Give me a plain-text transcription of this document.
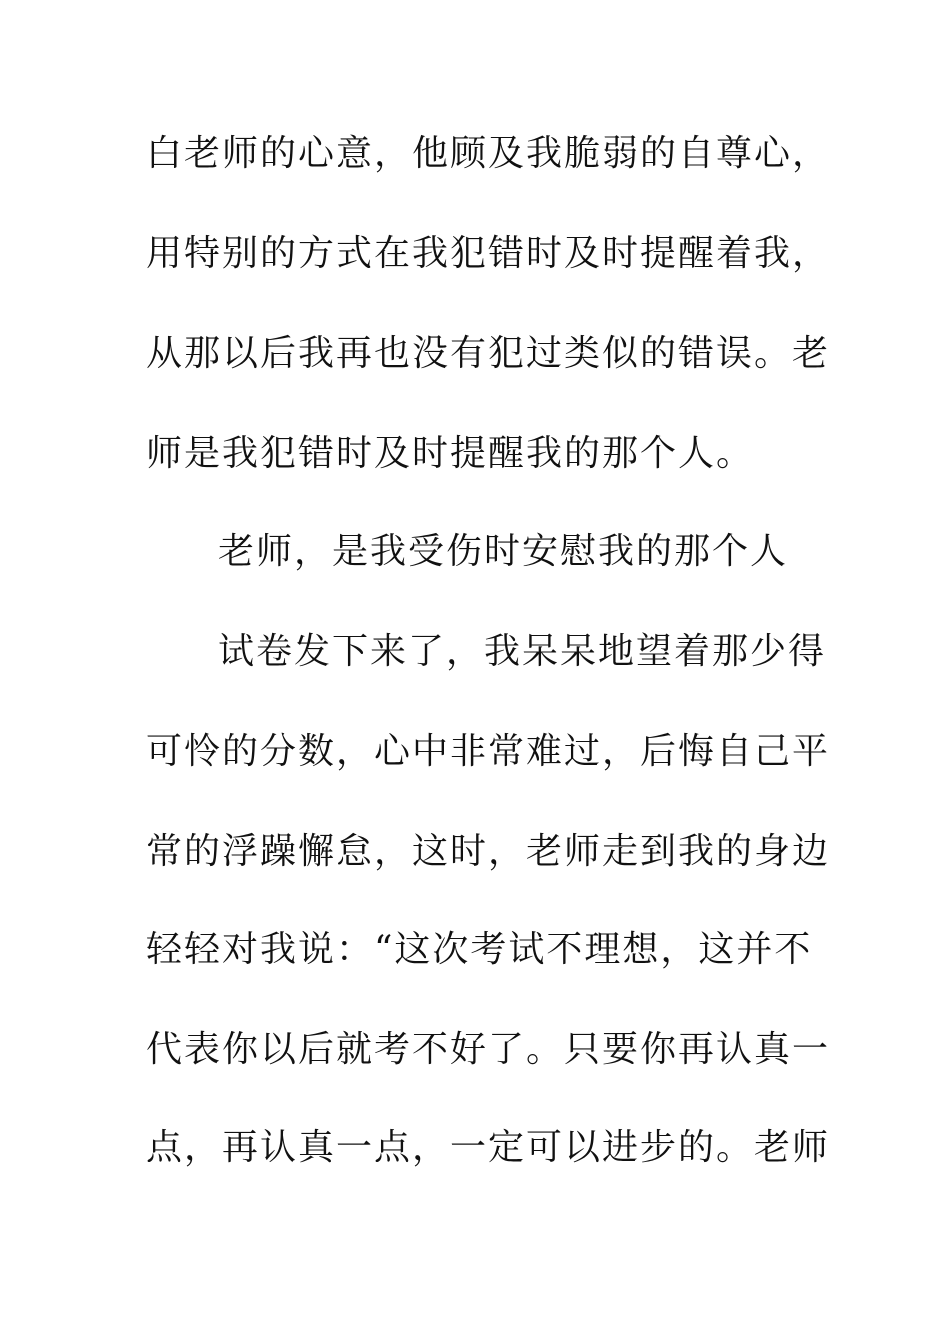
白老师的心意，他顾及我脆弱的自尊心，
用特别的方式在我犯错时及时提醒着我，
从那以后我再也没有犯过类似的错误。老
师是我犯错时及时提醒我的那个人。
老师，是我受伤时安慰我的那个人
试卷发下来了，我呆呆地望着那少得
可怜的分数，心中非常难过，后悔自己平
常的浮躁懈怠，这时，老师走到我的身边
轻轻对我说：“这次考试不理想，这并不
代表你以后就考不好了。只要你再认真一
点，再认真一点，一定可以进步的。老师
